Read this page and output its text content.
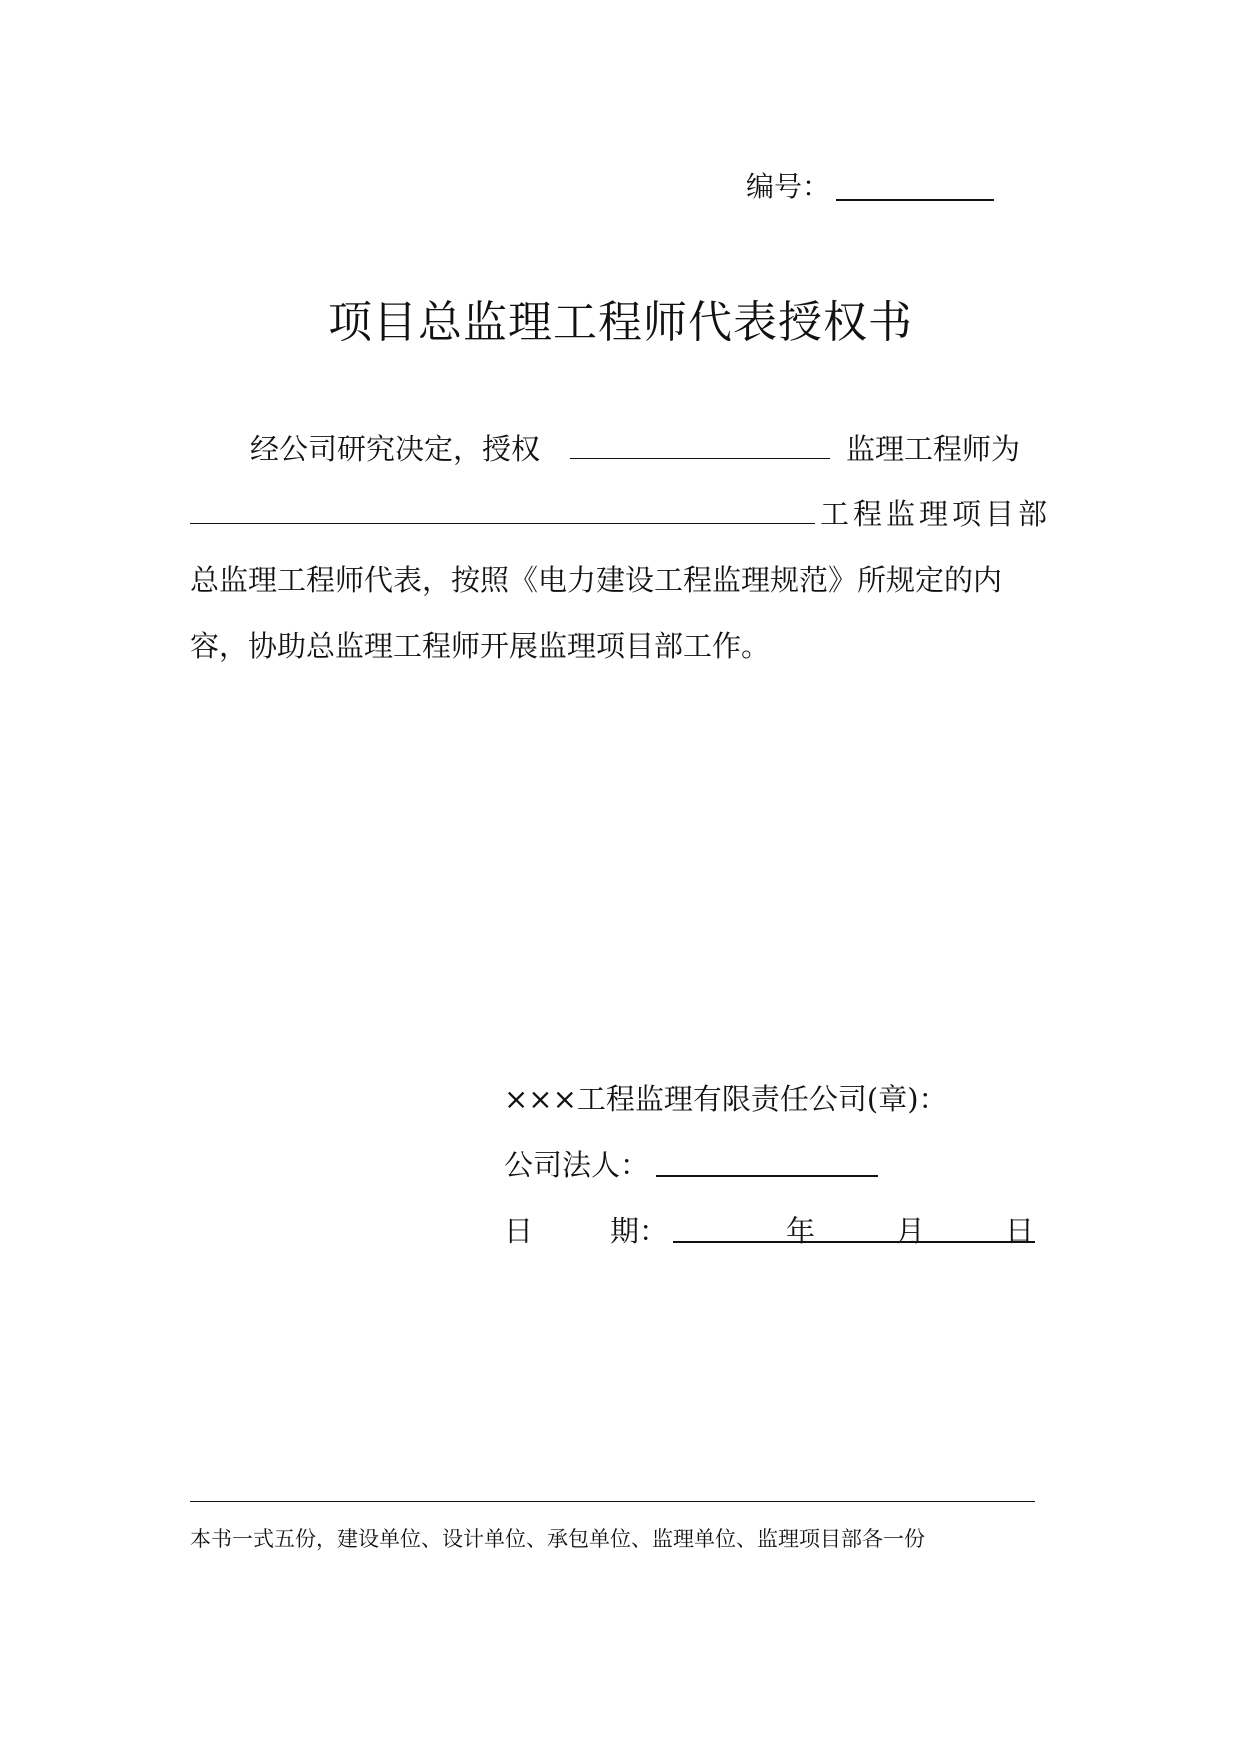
编号：
项目总监理工程师代表授权书
经公司研究决定，授权	监理工程师为
工程监理项目部
总监理工程师代表，按照《电力建设工程监理规范》所规定的内
容，协助总监理工程师开展监理项目部工作。
×××工程监理有限责任公司(章)：
公司法人：
日	期：	年	月	日
本书一式五份，建设单位、设计单位、承包单位、监理单位、监理项目部各一份
